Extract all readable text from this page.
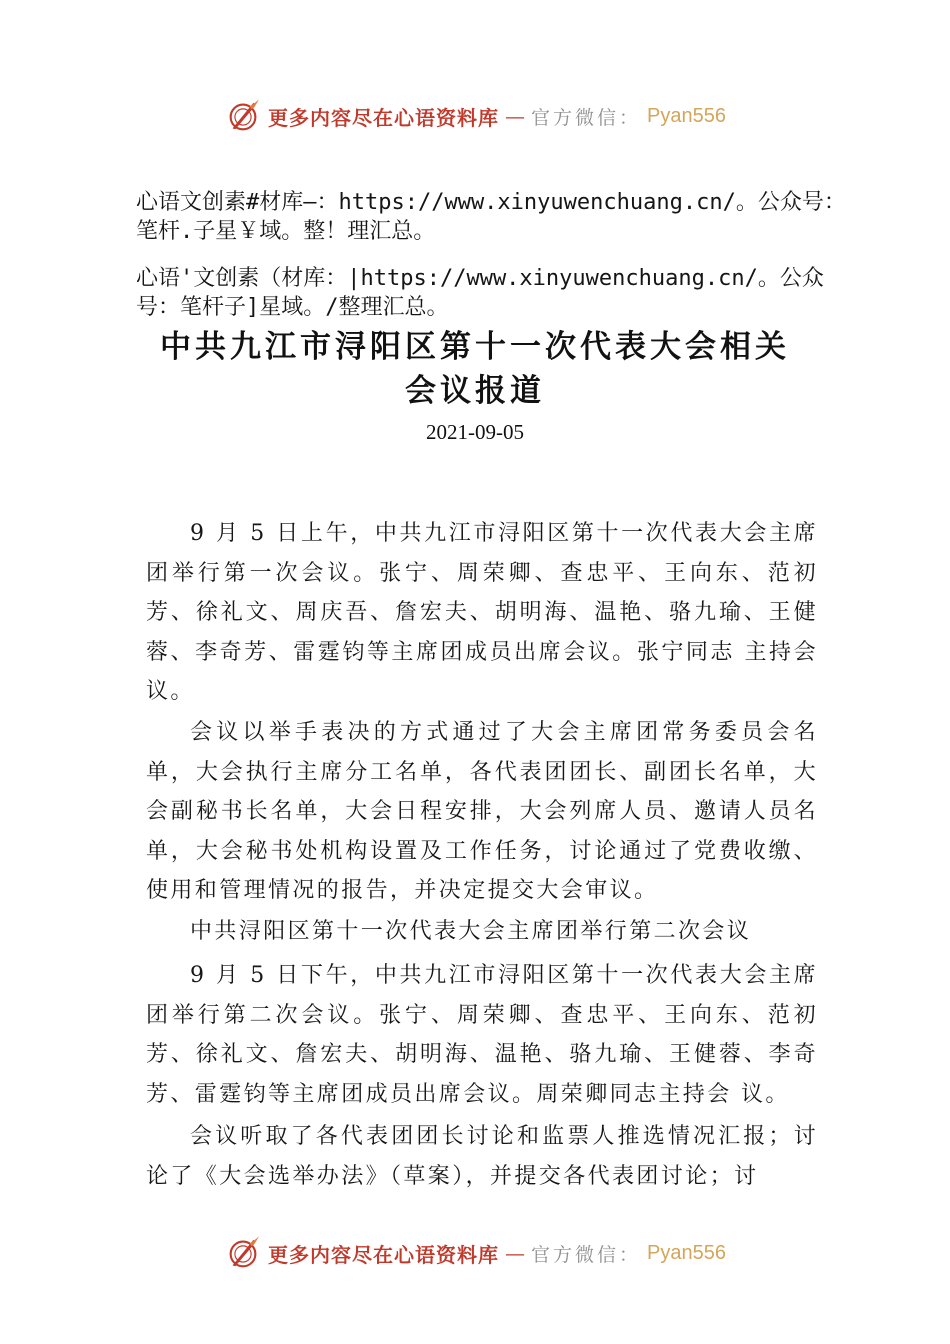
更多内容尽在心语资料库 — 官方微信： Pyan556
心语文创素#材库—：https://www.xinyuwenchuang.cn/。公众号：笔杆.子星￥域。整！理汇总。
心语'文创素（材库：|https://www.xinyuwenchuang.cn/。公众号：笔杆子]星域。/整理汇总。
中共九江市浔阳区第十一次代表大会相关
会议报道
2021-09-05

9 月 5 日上午，中共九江市浔阳区第十一次代表大会主席团举行第一次会议。张宁、周荣卿、查忠平、王向东、范初芳、徐礼文、周庆吾、詹宏夫、胡明海、温艳、骆九瑜、王健蓉、李奇芳、雷霆钧等主席团成员出席会议。张宁同志 主持会议。

会议以举手表决的方式通过了大会主席团常务委员会名单，大会执行主席分工名单，各代表团团长、副团长名单，大会副秘书长名单，大会日程安排，大会列席人员、邀请人员名单，大会秘书处机构设置及工作任务，讨论通过了党费收缴、使用和管理情况的报告，并决定提交大会审议。

中共浔阳区第十一次代表大会主席团举行第二次会议

9 月 5 日下午，中共九江市浔阳区第十一次代表大会主席团举行第二次会议。张宁、周荣卿、查忠平、王向东、范初芳、徐礼文、詹宏夫、胡明海、温艳、骆九瑜、王健蓉、李奇芳、雷霆钧等主席团成员出席会议。周荣卿同志主持会 议。

会议听取了各代表团团长讨论和监票人推选情况汇报；讨论了《大会选举办法》（草案），并提交各代表团讨论；讨

更多内容尽在心语资料库 — 官方微信： Pyan556
